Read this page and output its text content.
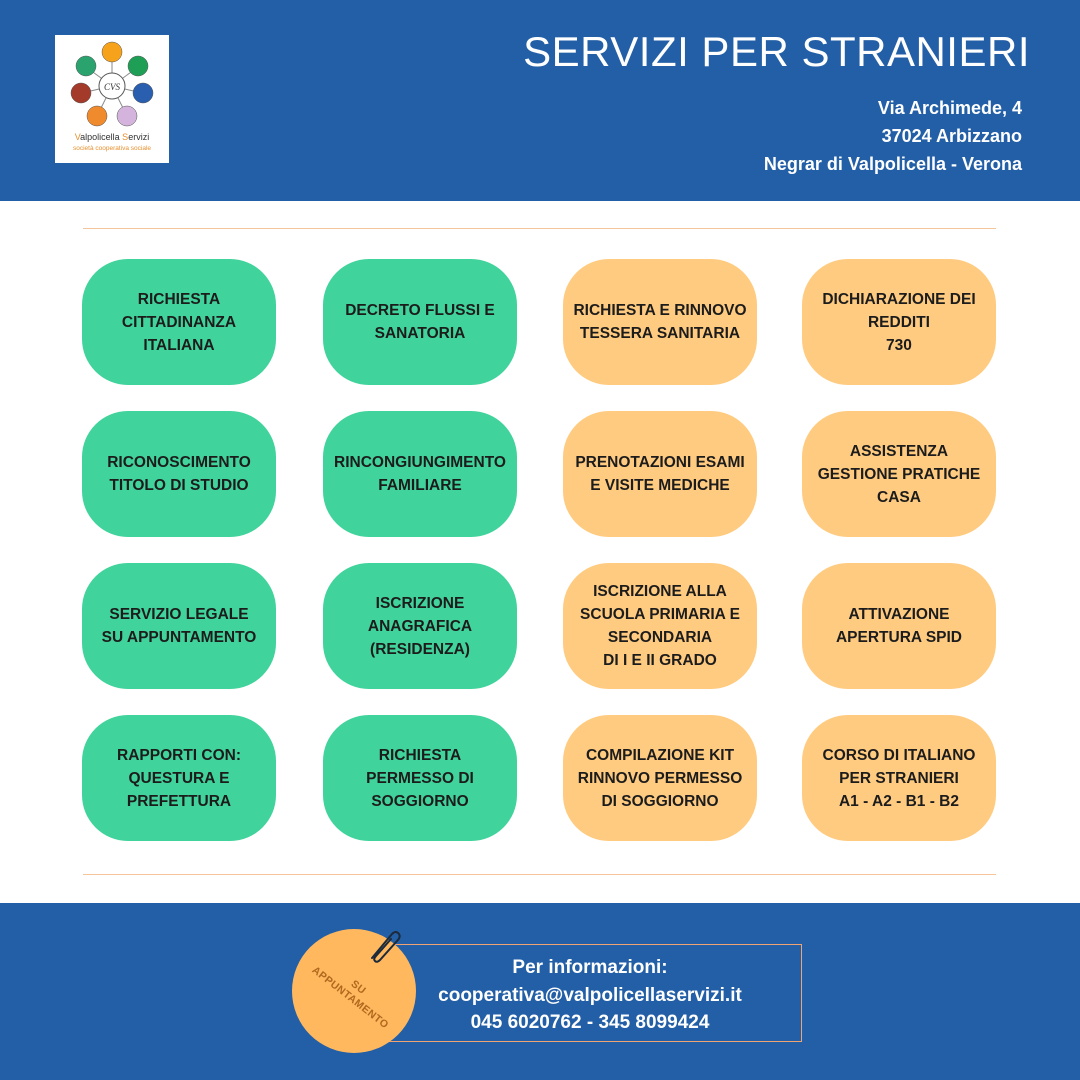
CVS
Valpolicella Servizi
società cooperativa sociale
SERVIZI PER STRANIERI
Via Archimede, 4
37024 Arbizzano
Negrar di Valpolicella - Verona
RICHIESTA
CITTADINANZA
ITALIANA
DECRETO FLUSSI E
SANATORIA
RICHIESTA E RINNOVO
TESSERA SANITARIA
DICHIARAZIONE DEI
REDDITI
730
RICONOSCIMENTO
TITOLO DI STUDIO
RINCONGIUNGIMENTO
FAMILIARE
PRENOTAZIONI ESAMI
E VISITE MEDICHE
ASSISTENZA
GESTIONE PRATICHE
CASA
SERVIZIO LEGALE
SU APPUNTAMENTO
ISCRIZIONE
ANAGRAFICA
(RESIDENZA)
ISCRIZIONE ALLA
SCUOLA PRIMARIA E
SECONDARIA
DI I E II GRADO
ATTIVAZIONE
APERTURA SPID
RAPPORTI CON:
QUESTURA E
PREFETTURA
RICHIESTA
PERMESSO DI
SOGGIORNO
COMPILAZIONE KIT
RINNOVO PERMESSO
DI SOGGIORNO
CORSO DI ITALIANO
PER STRANIERI
A1 - A2 - B1 - B2
Per informazioni:
cooperativa@valpolicellaservizi.it
045 6020762 - 345 8099424
SU
APPUNTAMENTO
